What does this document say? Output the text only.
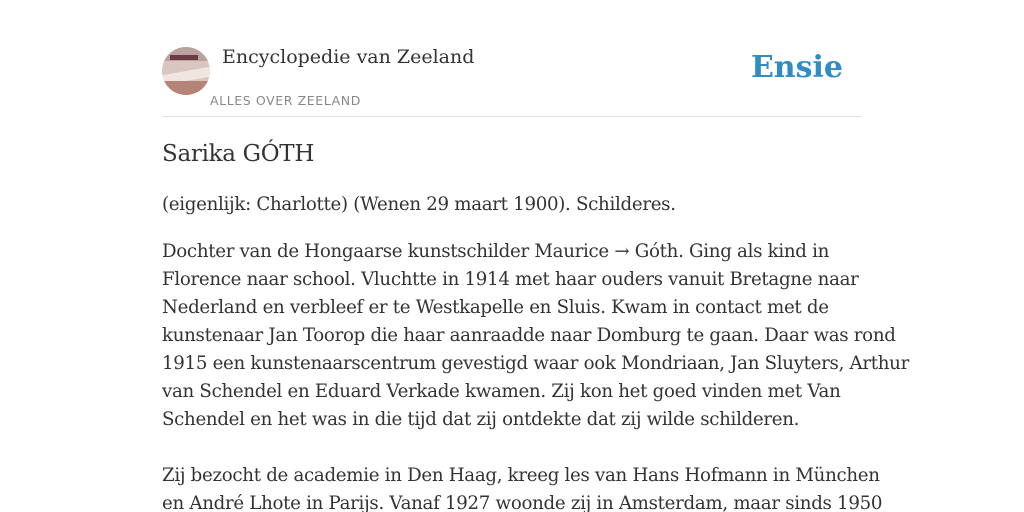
Encyclopedie van Zeeland
ALLES OVER ZEELAND
Ensie
Sarika GÓTH

(eigenlijk: Charlotte) (Wenen 29 maart 1900). Schilderes.

Dochter van de Hongaarse kunstschilder Maurice → Góth. Ging als kind in
Florence naar school. Vluchtte in 1914 met haar ouders vanuit Bretagne naar
Nederland en verbleef er te Westkapelle en Sluis. Kwam in contact met de
kunstenaar Jan Toorop die haar aanraadde naar Domburg te gaan. Daar was rond
1915 een kunstenaarscentrum gevestigd waar ook Mondriaan, Jan Sluyters, Arthur
van Schendel en Eduard Verkade kwamen. Zij kon het goed vinden met Van
Schendel en het was in die tijd dat zij ontdekte dat zij wilde schilderen.

Zij bezocht de academie in Den Haag, kreeg les van Hans Hofmann in München
en André Lhote in Parijs. Vanaf 1927 woonde zij in Amsterdam, maar sinds 1950
